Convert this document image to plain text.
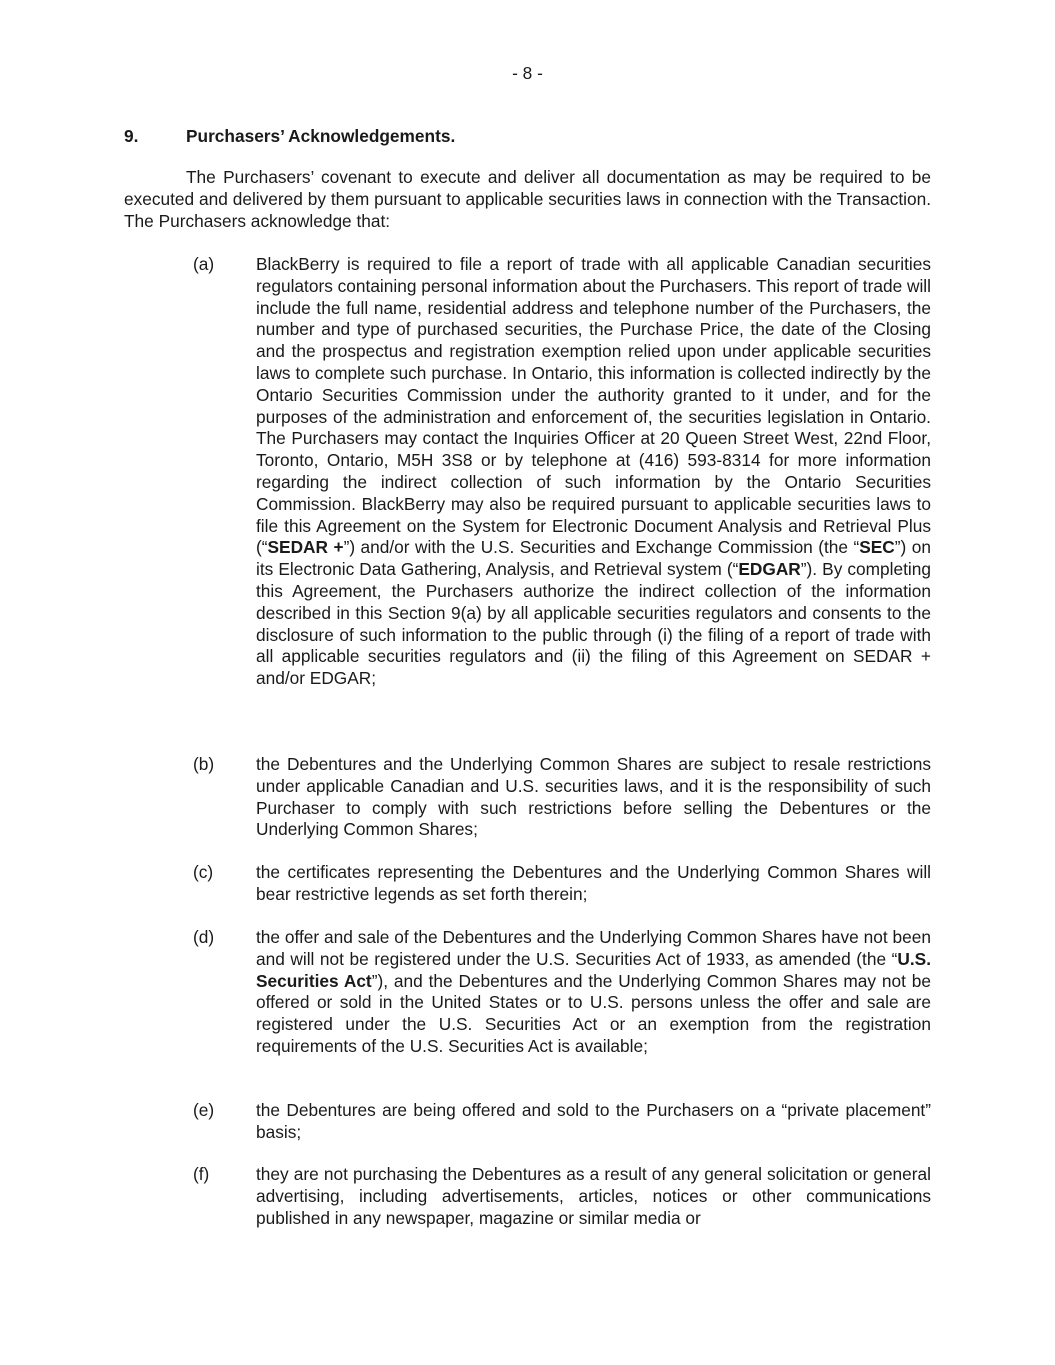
- 8 -
9.	Purchasers’ Acknowledgements.
The Purchasers’ covenant to execute and deliver all documentation as may be required to be executed and delivered by them pursuant to applicable securities laws in connection with the Transaction. The Purchasers acknowledge that:
(a) BlackBerry is required to file a report of trade with all applicable Canadian securities regulators containing personal information about the Purchasers. This report of trade will include the full name, residential address and telephone number of the Purchasers, the number and type of purchased securities, the Purchase Price, the date of the Closing and the prospectus and registration exemption relied upon under applicable securities laws to complete such purchase. In Ontario, this information is collected indirectly by the Ontario Securities Commission under the authority granted to it under, and for the purposes of the administration and enforcement of, the securities legislation in Ontario. The Purchasers may contact the Inquiries Officer at 20 Queen Street West, 22nd Floor, Toronto, Ontario, M5H 3S8 or by telephone at (416) 593-8314 for more information regarding the indirect collection of such information by the Ontario Securities Commission. BlackBerry may also be required pursuant to applicable securities laws to file this Agreement on the System for Electronic Document Analysis and Retrieval Plus (“SEDAR +”) and/or with the U.S. Securities and Exchange Commission (the “SEC”) on its Electronic Data Gathering, Analysis, and Retrieval system (“EDGAR”). By completing this Agreement, the Purchasers authorize the indirect collection of the information described in this Section 9(a) by all applicable securities regulators and consents to the disclosure of such information to the public through (i) the filing of a report of trade with all applicable securities regulators and (ii) the filing of this Agreement on SEDAR + and/or EDGAR;
(b) the Debentures and the Underlying Common Shares are subject to resale restrictions under applicable Canadian and U.S. securities laws, and it is the responsibility of such Purchaser to comply with such restrictions before selling the Debentures or the Underlying Common Shares;
(c) the certificates representing the Debentures and the Underlying Common Shares will bear restrictive legends as set forth therein;
(d) the offer and sale of the Debentures and the Underlying Common Shares have not been and will not be registered under the U.S. Securities Act of 1933, as amended (the “U.S. Securities Act”), and the Debentures and the Underlying Common Shares may not be offered or sold in the United States or to U.S. persons unless the offer and sale are registered under the U.S. Securities Act or an exemption from the registration requirements of the U.S. Securities Act is available;
(e) the Debentures are being offered and sold to the Purchasers on a “private placement” basis;
(f)	they are not purchasing the Debentures as a result of any general solicitation or general advertising, including advertisements, articles, notices or other communications published in any newspaper, magazine or similar media or
